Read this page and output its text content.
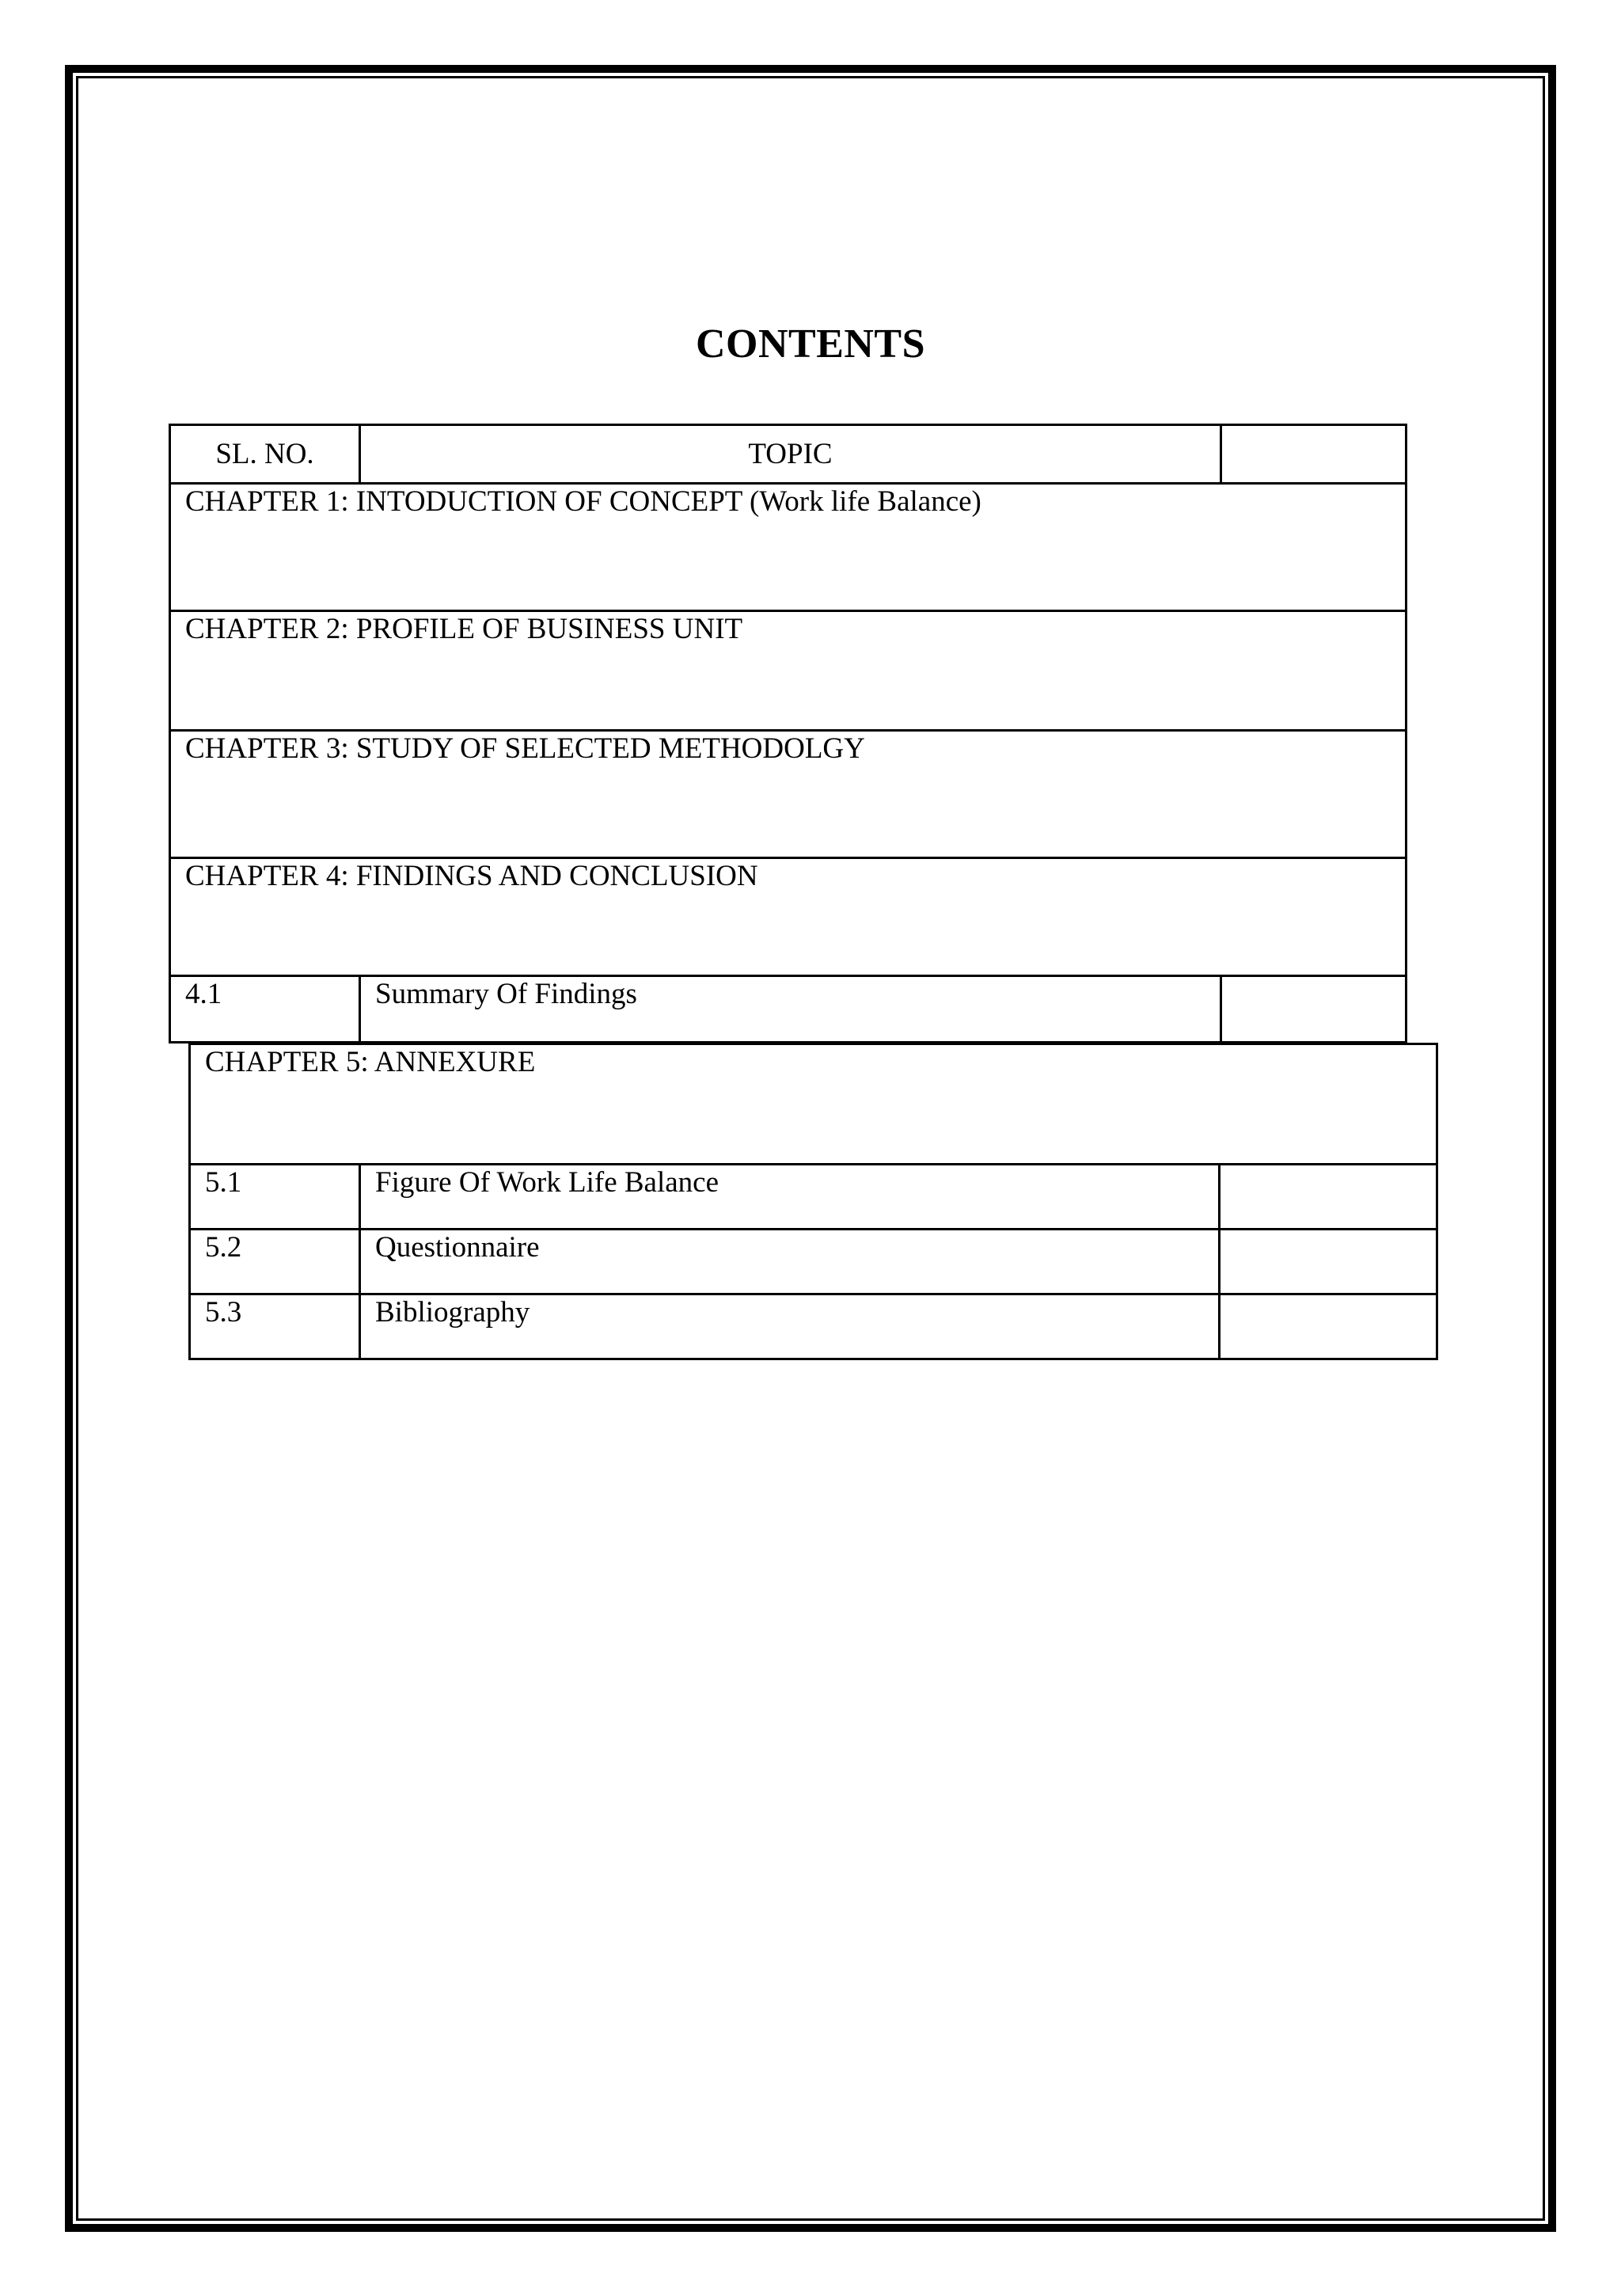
CONTENTS
SL. NO.	TOPIC	
CHAPTER 1: INTODUCTION OF CONCEPT (Work life Balance)		
CHAPTER 2: PROFILE OF BUSINESS UNIT		
CHAPTER 3: STUDY OF SELECTED METHODOLGY		
CHAPTER 4: FINDINGS AND CONCLUSION		
4.1	Summary Of Findings	
CHAPTER 5: ANNEXURE		
5.1	Figure Of Work Life Balance	
5.2	Questionnaire	
5.3	Bibliography	
